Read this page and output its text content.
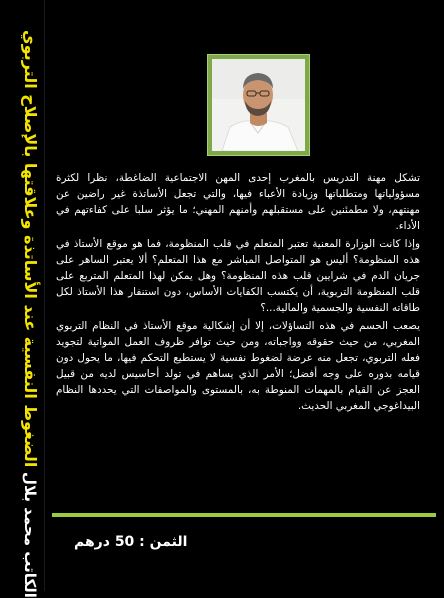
الضغوط النفسية عند الأساتذة وعلاقتها بالإصلاح التربوي
الكاتب محمد بلال

تشكل مهنة التدريس بالمغرب إحدى المهن الاجتماعية الضاغطة، نظرا لكثرة مسؤولياتها ومتطلباتها وزيادة الأعباء فيها، والتي تجعل الأساتذة غير راضين عن مهنتهم، ولا مطمئنين على مستقبلهم وأمنهم المهني؛ ما يؤثر سلبا على كفاءتهم في الأداء.

وإذا كانت الوزارة المعنية تعتبر المتعلم في قلب المنظومة، فما هو موقع الأستاذ في هذه المنظومة؟ أليس هو المتواصل المباشر مع هذا المتعلم؟ ألا يعتبر الساهر على جريان الدم في شرايين قلب هذه المنظومة؟ وهل يمكن لهذا المتعلم المتربع على قلب المنظومة التربوية، أن يكتسب الكفايات الأساس، دون استنفار هذا الأستاذ لكل طاقاته النفسية والجسمية والمالية...؟

يصعب الحسم في هذه التساؤلات، إلا أن إشكالية موقع الأستاذ في النظام التربوي المغربي، من حيث حقوقه وواجباته، ومن حيث توافر ظروف العمل المواتية لتجويد فعله التربوي، تجعل منه عرضة لضغوط نفسية لا يستطيع التحكم فيها، ما يحول دون قيامه بدوره على وجه أفضل؛ الأمر الذي يساهم في تولد أحاسيس لديه من قبيل العجز عن القيام بالمهمات المنوطة به، بالمستوى والمواصفات التي يحددها النظام البيداغوجي المغربي الحديث.

الثمن : 50 درهم
